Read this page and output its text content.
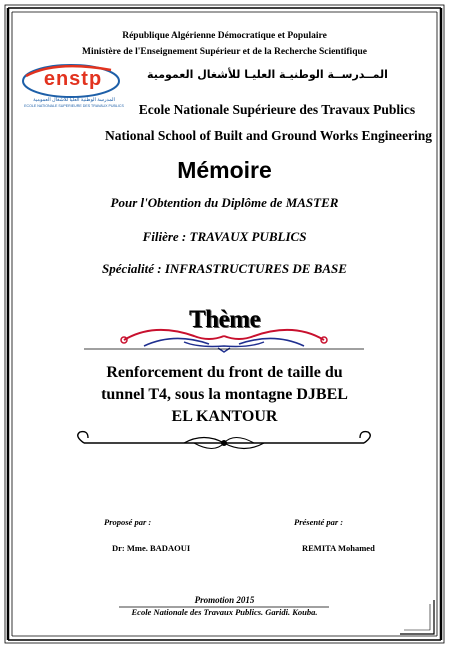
République Algérienne Démocratique et Populaire
Ministère de l'Enseignement Supérieur et de la Recherche Scientifique
enstp
المدرسة الوطنية العليا للأشغال العمومية
ECOLE NATIONALE SUPERIEURE DES TRAVAUX PUBLICS
المــدرســة الوطنيـة العليـا للأشغال العمومية
Ecole Nationale Supérieure des Travaux Publics
National School of Built and Ground Works Engineering
Mémoire
Pour l'Obtention du Diplôme de MASTER
Filière : TRAVAUX PUBLICS
Spécialité : INFRASTRUCTURES DE BASE
Thème
Renforcement du front de taille du
tunnel T4, sous la montagne DJBEL
EL KANTOUR
Proposé par :	Présenté par :
Dr: Mme. BADAOUI	REMITA Mohamed
Promotion 2015
Ecole Nationale des Travaux Publics. Garidi. Kouba.
